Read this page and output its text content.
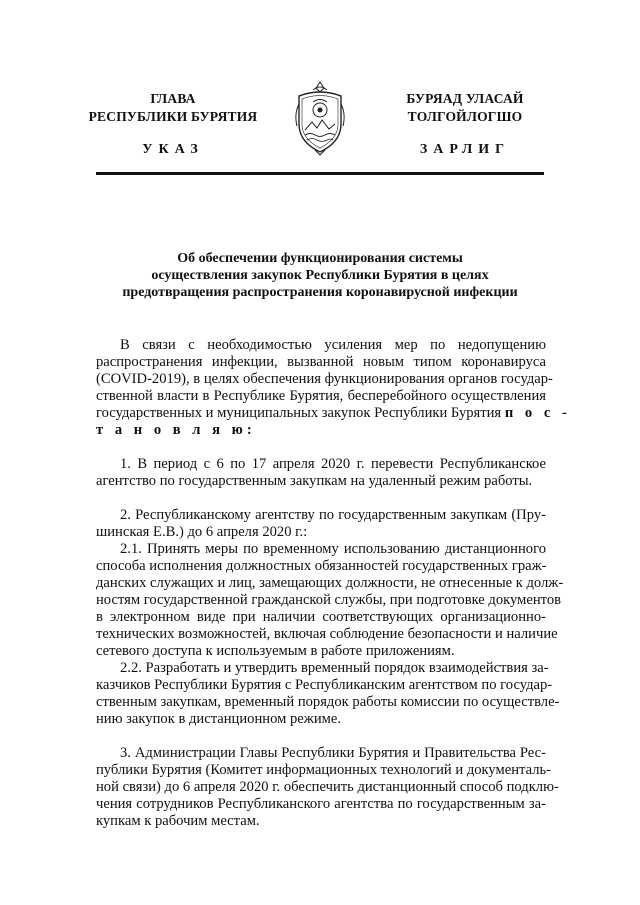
ГЛАВА
РЕСПУБЛИКИ БУРЯТИЯ
УКАЗ
БУРЯАД УЛАСАЙ
ТОЛГОЙЛОГШО
ЗАРЛИГ
Об обеспечении функционирования системы
осуществления закупок Республики Бурятия в целях
предотвращения распространения коронавирусной инфекции
В связи с необходимостью усиления мер по недопущению
распространения инфекции, вызванной новым типом коронавируса
(COVID-2019), в целях обеспечения функционирования органов государ-
ственной власти в Республике Бурятия, бесперебойного осуществления
государственных и муниципальных закупок Республики Бурятия п о с -
т а н о в л я ю:
1. В период с 6 по 17 апреля 2020 г. перевести Республиканское
агентство по государственным закупкам на удаленный режим работы.
2. Республиканскому агентству по государственным закупкам (Пру-
шинская Е.В.) до 6 апреля 2020 г.:
2.1. Принять меры по временному использованию дистанционного
способа исполнения должностных обязанностей государственных граж-
данских служащих и лиц, замещающих должности, не отнесенные к долж-
ностям государственной гражданской службы, при подготовке документов
в электронном виде при наличии соответствующих организационно-
технических возможностей, включая соблюдение безопасности и наличие
сетевого доступа к используемым в работе приложениям.
2.2. Разработать и утвердить временный порядок взаимодействия за-
казчиков Республики Бурятия с Республиканским агентством по государ-
ственным закупкам, временный порядок работы комиссии по осуществле-
нию закупок в дистанционном режиме.
3. Администрации Главы Республики Бурятия и Правительства Рес-
публики Бурятия (Комитет информационных технологий и документаль-
ной связи) до 6 апреля 2020 г. обеспечить дистанционный способ подклю-
чения сотрудников Республиканского агентства по государственным за-
купкам к рабочим местам.
